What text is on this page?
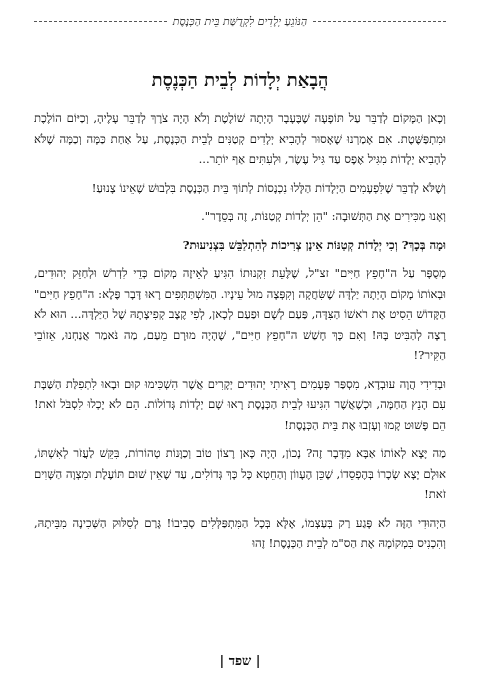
הַנּוֹגֵעַ יְלָדִים לִקְדֻשַּׁת בֵּית הַכְּנֶסֶת
הֲבָאַת יְלָדוֹת לְבֵית הַכְּנֶסֶת

וְכָאן הַמָּקוֹם לְדַבֵּר עַל תּוֹפָעָה שֶׁבֶּעָבָר הָיְתָה שׁוֹלֶטֶת וְלֹא הָיָה צֹרֶךְ לְדַבֵּר עָלֶיהָ, וְכַיּוֹם הוֹלֶכֶת וּמִתְפַּשֶּׁטֶת. אִם אָמַרְנוּ שֶׁאָסוּר לְהָבִיא יְלָדִים קְטַנִּים לְבֵית הַכְּנֶסֶת, עַל אַחַת כַּמָּה וְכַמָּה שֶׁלֹּא לְהָבִיא יְלָדוֹת מִגִּיל אֶפֶס עַד גִּיל עֶשֶׂר, וּלְעִתִּים אַף יוֹתֵר...

וְשֶׁלֹּא לְדַבֵּר שֶׁלִּפְעָמִים הַיְלָדוֹת הַלָּלוּ נִכְנָסוֹת לְתוֹךְ בֵּית הַכְּנֶסֶת בִּלְבוּשׁ שֶׁאֵינוֹ צָנוּעַ!

וְאָנוּ מַכִּירִים אֶת הַתְּשׁוּבָה: "הֵן יְלָדוֹת קְטַנּוֹת, זֶה בְּסֵדֶר".

וּמָה בְּכָךְ? וְכִי יְלָדוֹת קְטַנּוֹת אֵינָן צְרִיכוֹת לְהִתְלַבֵּשׁ בִּצְנִיעוּת?

מְסֻפָּר עַל ה"חָפֵץ חַיִּים" זצ"ל, שֶׁלֶּעֵת זִקְנוּתוֹ הִגִּיעַ לְאֵיזֶה מְקוֹם כְּדֵי לִדְרֹשׁ וּלְחַזֵּק יְהוּדִים, וּבְאוֹתוֹ מָקוֹם הָיְתָה יַלְדָּה שֶׁשִּׂחֲקָה וְקִפְּצָה מוּל עֵינָיו. הַמִּשְׁתַּתְּפִים רָאוּ דָּבָר פֶּלֶא: ה"חָפֵץ חַיִּים" הַקָּדוֹשׁ הֵסִיט אֶת רֹאשׁוֹ הַצִּדָּה, פַּעַם לְשָׁם וּפַעַם לְכָאן, לְפִי קֶצֶב קְפִיצָתָהּ שֶׁל הַיַּלְדָּה... הוּא לֹא רָצָה לְהַבִּיט בָּהּ! וְאִם כָּךְ חָשַׁשׁ ה"חָפֵץ חַיִּים", שֶׁהָיָה מוּרָם מֵעַם, מַה נֹּאמַר אֲנַחְנוּ, אֵזוֹבֵי הַקִּיר?!

וּבְדִידִי הֲוָה עוּבְדָא, מִסְפַּר פְּעָמִים רָאִיתִי יְהוּדִים יְקָרִים אֲשֶׁר הִשְׁכִּימוּ קוּם וּבָאוּ לִתְפִלַּת הַשַּׁבָּת עִם הָנֵץ הַחַמָּה, וּכְשֶׁאֲשֶׁר הִגִּיעוּ לְבֵית הַכְּנֶסֶת רָאוּ שָׁם יְלָדוֹת גְּדוֹלוֹת. הֵם לֹא יָכְלוּ לִסְבֹּל זֹאת! הֵם פָּשׁוּט קָמוּ וְעָזְבוּ אֶת בֵּית הַכְּנֶסֶת!

מַה יָּצָא לְאוֹתוֹ אַבָּא מִדָּבָר זֶה? נָכוֹן, הָיָה כָּאן רָצוֹן טוֹב וְכַוָּנוֹת טְהוֹרוֹת, בִּקֵּשׁ לַעֲזֹר לְאִשְׁתּוֹ, אוּלָם יָצָא שְׂכָרוֹ בְּהֶפְסֵדוֹ, שֶׁכֵּן הֶעָווֹן וְהַחֵטְא כָּל כָּךְ גְּדוֹלִים, עַד שֶׁאֵין שׁוּם תּוֹעֶלֶת וּמִצְוָה הַשָּׁוִים זֹאת!

הַיְהוּדִי הַזֶּה לֹא פָּגַע רַק בְּעַצְמוֹ, אֶלָּא בְּכָל הַמִּתְפַּלְּלִים סְבִיבוֹ! גָּרַם לְסִלּוּק הַשְּׁכִינָה מִבֵּיתָהּ, וְהִכְנִיס בִּמְקוֹמָהּ אֶת הַס"מ לְבֵית הַכְּנֶסֶת! זֶהוּ

| שפד |
